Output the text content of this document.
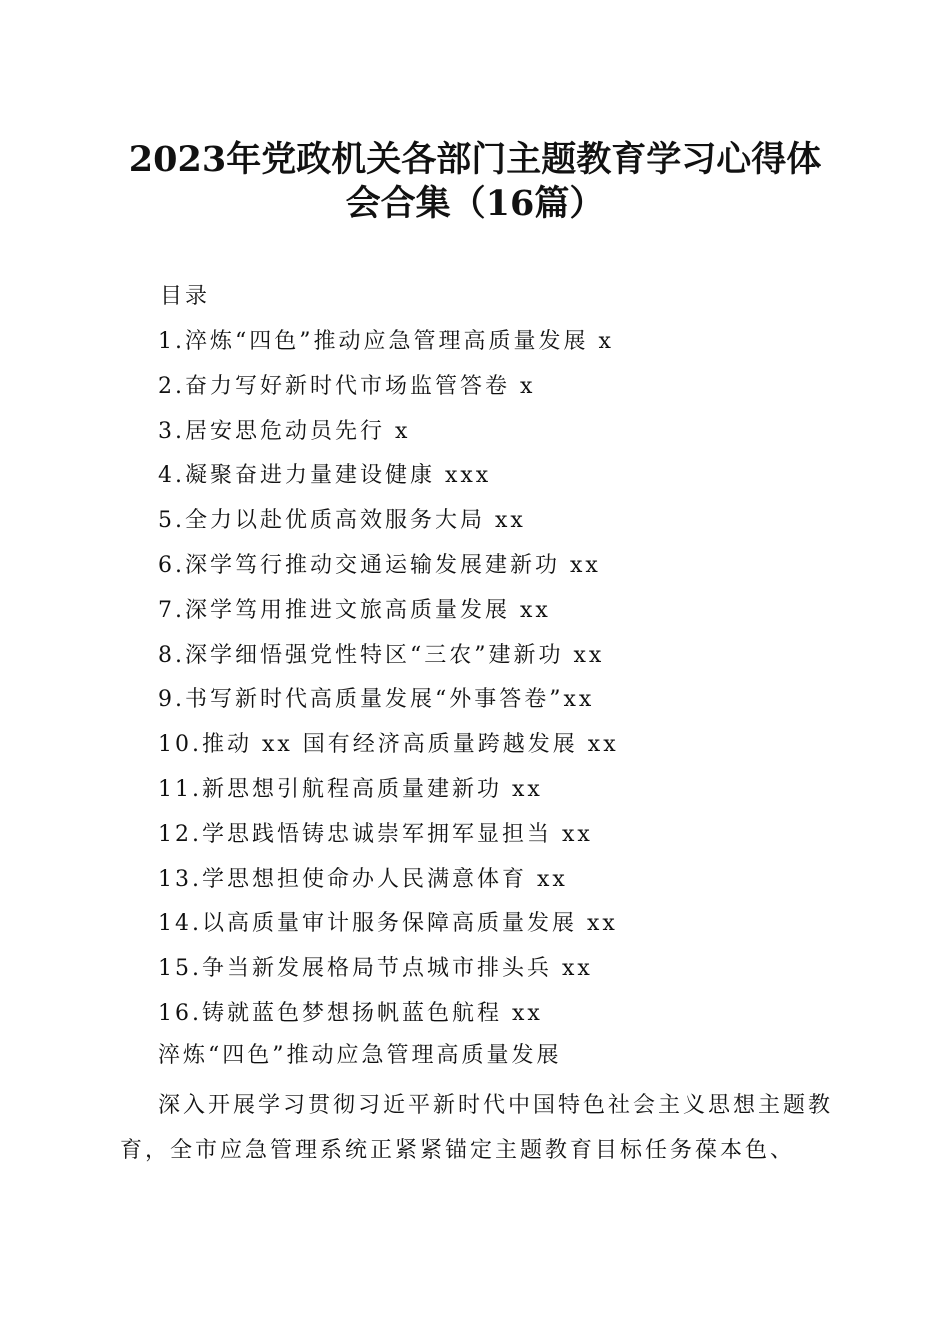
2023年党政机关各部门主题教育学习心得体
会合集（16篇）
目录
1.淬炼“四色”推动应急管理高质量发展 x
2.奋力写好新时代市场监管答卷 x
3.居安思危动员先行 x
4.凝聚奋进力量建设健康 xxx
5.全力以赴优质高效服务大局 xx
6.深学笃行推动交通运输发展建新功 xx
7.深学笃用推进文旅高质量发展 xx
8.深学细悟强党性特区“三农”建新功 xx
9.书写新时代高质量发展“外事答卷”xx
10.推动 xx 国有经济高质量跨越发展 xx
11.新思想引航程高质量建新功 xx
12.学思践悟铸忠诚崇军拥军显担当 xx
13.学思想担使命办人民满意体育 xx
14.以高质量审计服务保障高质量发展 xx
15.争当新发展格局节点城市排头兵 xx
16.铸就蓝色梦想扬帆蓝色航程 xx
淬炼“四色”推动应急管理高质量发展

深入开展学习贯彻习近平新时代中国特色社会主义思想主题教育，全市应急管理系统正紧紧锚定主题教育目标任务葆本色、
